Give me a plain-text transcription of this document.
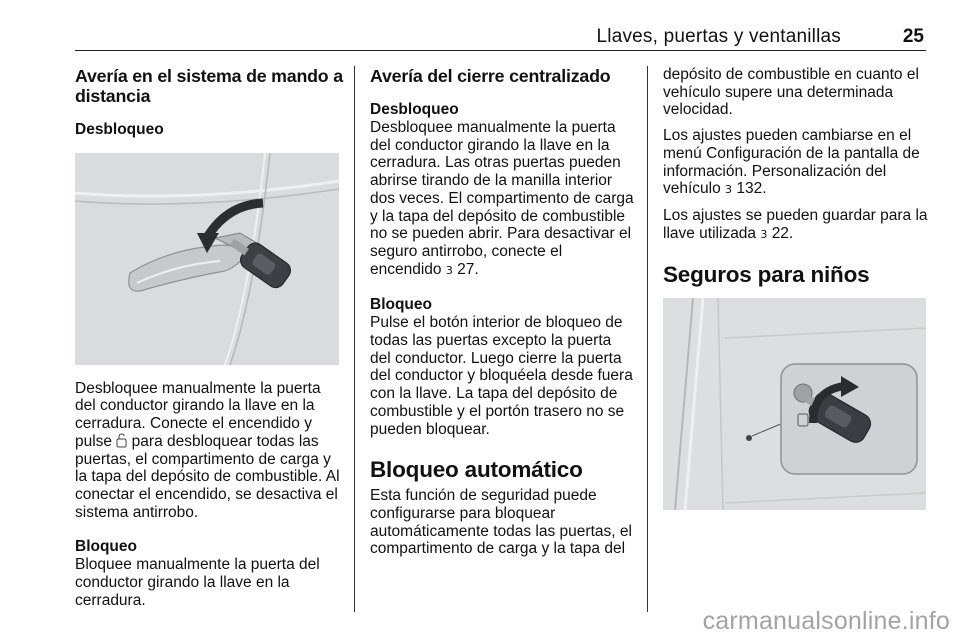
Llaves, puertas y ventanillas	25
Avería en el sistema de mando a distancia
Desbloqueo

Desbloquee manualmente la puerta del conductor girando la llave en la cerradura. Conecte el encendido y pulse  para desbloquear todas las puertas, el compartimento de carga y la tapa del depósito de combustible. Al conectar el encendido, se desactiva el sistema antirrobo.

Bloqueo

Bloquee manualmente la puerta del conductor girando la llave en la cerradura.

Avería del cierre centralizado
Desbloqueo

Desbloquee manualmente la puerta del conductor girando la llave en la cerradura. Las otras puertas pueden abrirse tirando de la manilla interior dos veces. El compartimento de carga y la tapa del depósito de combustible no se pueden abrir. Para desactivar el seguro antirrobo, conecte el encendido 3 27.

Bloqueo

Pulse el botón interior de bloqueo de todas las puertas excepto la puerta del conductor. Luego cierre la puerta del conductor y bloquéela desde fuera con la llave. La tapa del depósito de combustible y el portón trasero no se pueden bloquear.

Bloqueo automático

Esta función de seguridad puede configurarse para bloquear automáticamente todas las puertas, el compartimento de carga y la tapa del

depósito de combustible en cuanto el vehículo supere una determinada velocidad.

Los ajustes pueden cambiarse en el menú Configuración de la pantalla de información. Personalización del vehículo 3 132.

Los ajustes se pueden guardar para la llave utilizada 3 22.

Seguros para niños
carmanualsonline.info
